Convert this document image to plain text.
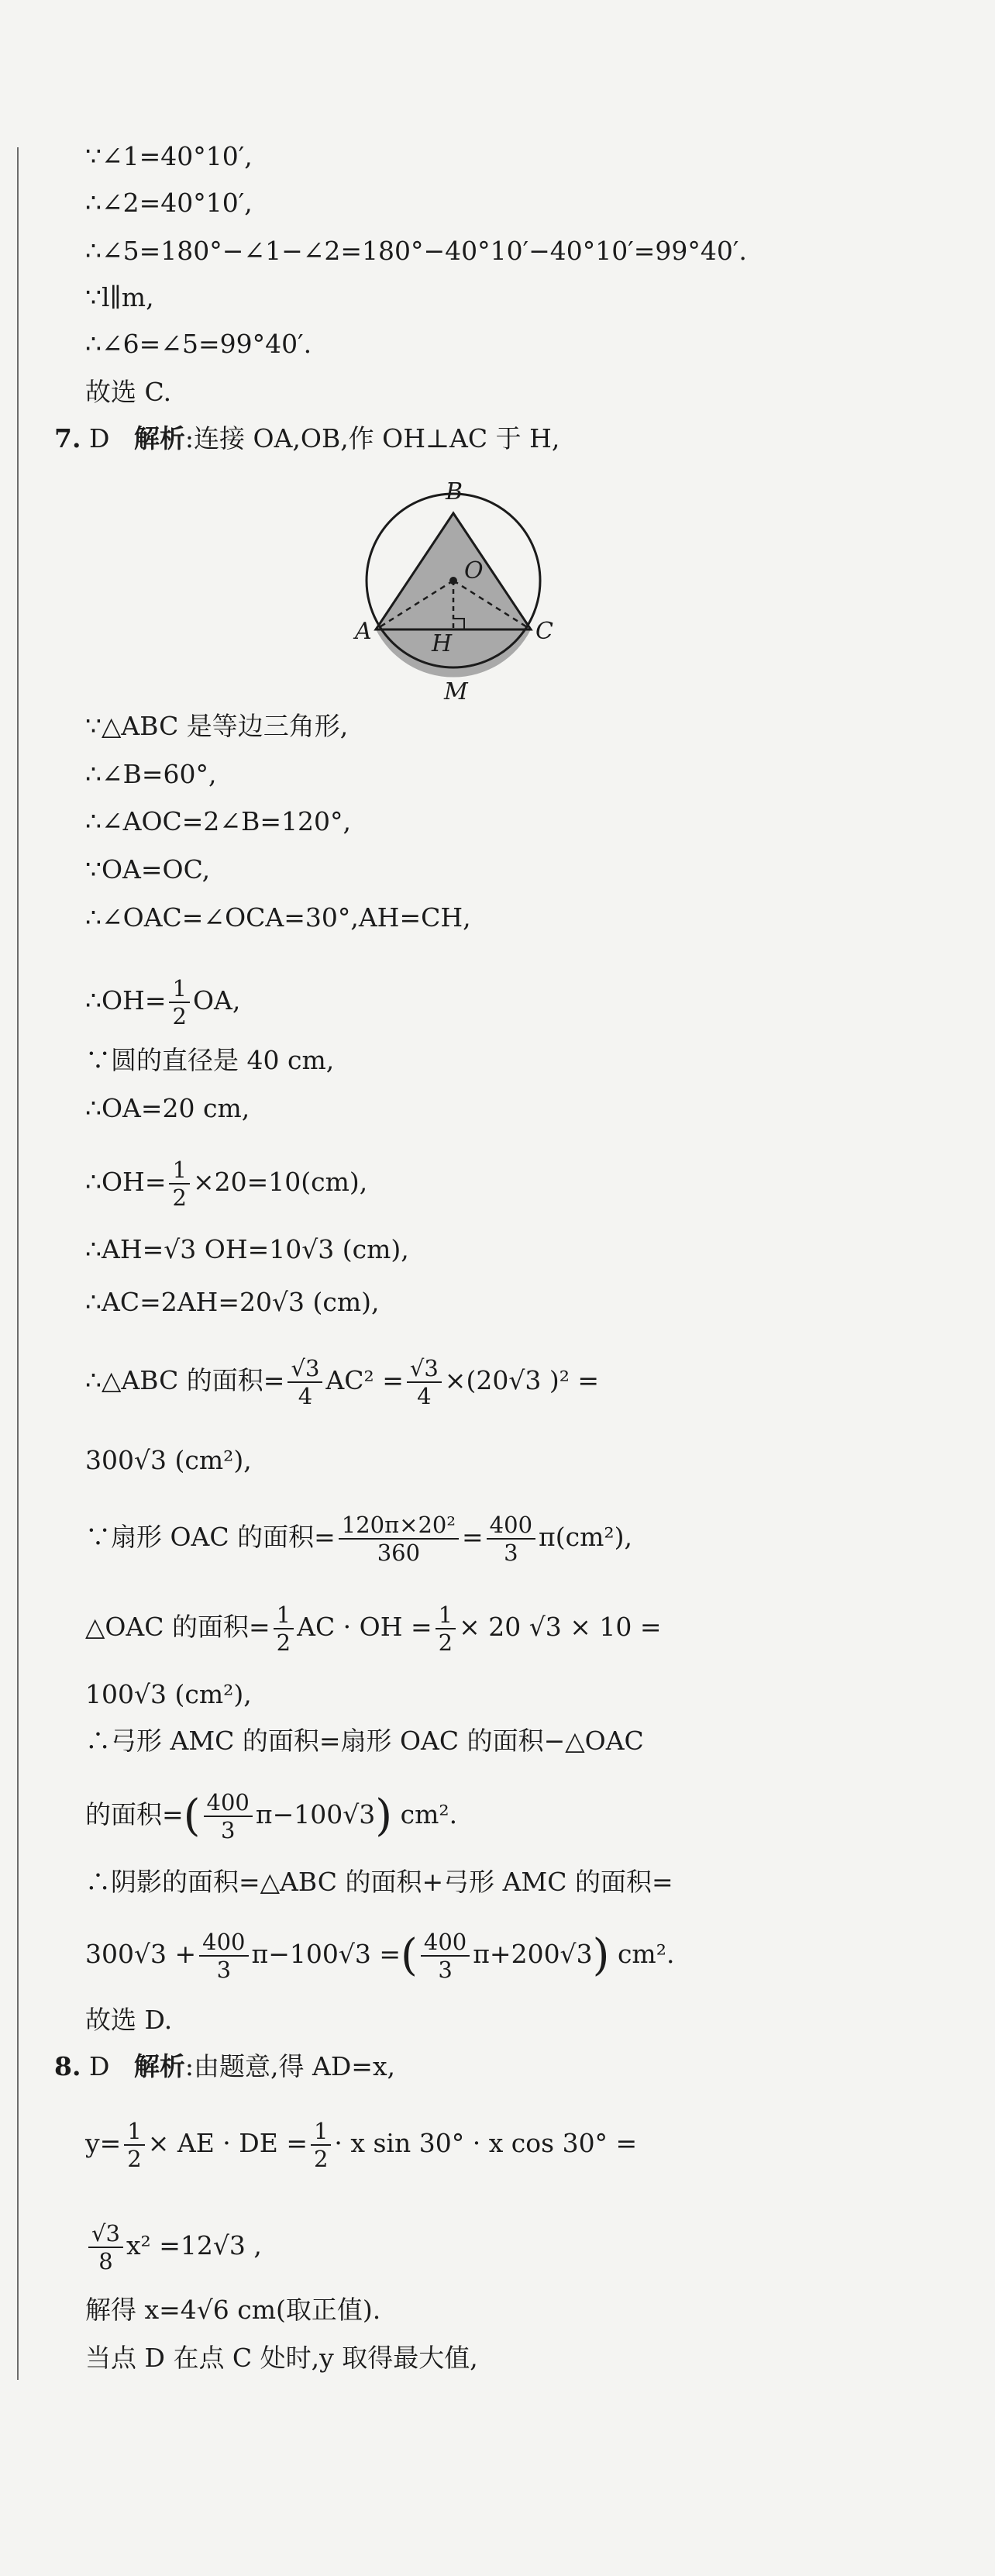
∵∠1=40°10′,
∴∠2=40°10′,
∴∠5=180°−∠1−∠2=180°−40°10′−40°10′=99°40′.
∵l∥m,
∴∠6=∠5=99°40′.
故选 C.
7. D 解析:连接 OA,OB,作 OH⊥AC 于 H,
B
O
A	H	C
M
∵△ABC 是等边三角形,
∴∠B=60°,
∴∠AOC=2∠B=120°,
∵OA=OC,
∴∠OAC=∠OCA=30°,AH=CH,
∴OH= $\frac{1}{2}$ OA,
∵圆的直径是 40 cm,
∴OA=20 cm,
∴OH= $\frac{1}{2} \times 20=10(cm)$,
∴AH=√3 OH=10√3 (cm),
∴AC=2AH=20√3 (cm),
∴△ABC 的面积= $\frac{√3}{4} AC^2 = \frac{√3}{4} \times(20√3$ )² =
300√3 (cm²),
∵扇形 OAC 的面积= $\frac{\text{120π×20²}}{360} = \frac{400}{3} \pi(cm^2)$,
△OAC 的面积= $\frac{1}{2}$ AC · OH = $\frac{1}{2} \times 20$ √3 × 10 =
100√3 (cm²),
∴弓形 AMC 的面积=扇形 OAC 的面积−△OAC
的面积=( $\frac{400}{3} \pi-100√3$) cm².
∴阴影的面积=△ABC 的面积+弓形 AMC 的面积=
$300√3 + \frac{400}{3} \pi-100√3$ =( $\frac{400}{3} \pi+200√3$) cm².
故选 D.
8. D 解析:由题意,得 AD=x,
$y= \frac{1}{2}$ × AE · DE = $\frac{1}{2} \cdot x$ sin 30° · x cos 30° =
$\frac{√3}{8} x^2 =12√3$ ,
解得 x=4√6 cm(取正值).
当点 D 在点 C 处时,y 取得最大值,
